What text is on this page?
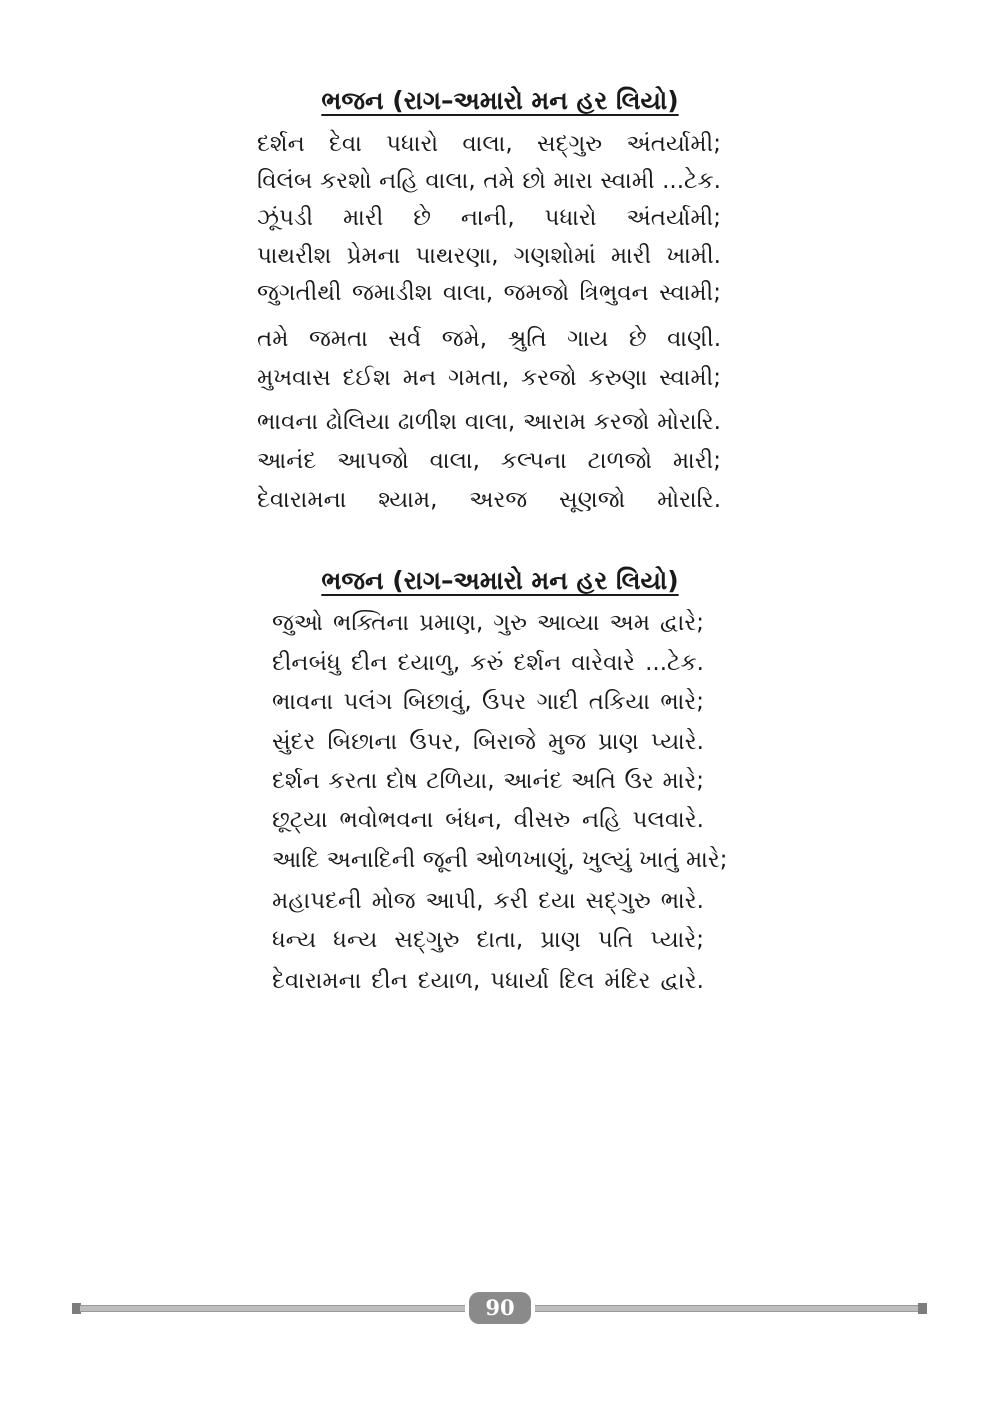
ભજન (રાગ–અમારો મન હર લિયો)
દર્શન દેવા પધારો વાલા, સદ્‌ગુરુ અંતર્યામી;
વિલંબ કરશો નહિ વાલા, તમે છો મારા સ્વામી ...ટેક.
ઝૂંપડી મારી છે નાની, પધારો અંતર્યામી;
પાથરીશ પ્રેમના પાથરણા, ગણશોમાં મારી ખામી.
જુગતીથી જમાડીશ વાલા, જમજો ત્રિભુવન સ્વામી;
તમે જમતા સર્વ જમે, શ્રુતિ ગાય છે વાણી.
મુખવાસ દઈશ મન ગમતા, કરજો કરુણા સ્વામી;
ભાવના ઢોલિયા ઢાળીશ વાલા, આરામ કરજો મોરારિ.
આનંદ આપજો વાલા, કલ્પના ટાળજો મારી;
દેવારામના શ્યામ, અરજ સૂણજો મોરારિ.
ભજન (રાગ–અમારો મન હર લિયો)
જુઓ ભક્તિના પ્રમાણ, ગુરુ આવ્યા અમ દ્વારે;
દીનબંધુ દીન દયાળુ, કરું દર્શન વારેવારે ...ટેક.
ભાવના પલંગ બિછાવું, ઉપર ગાદી તકિયા ભારે;
સુંદર બિછાના ઉપર, બિરાજે મુજ પ્રાણ પ્યારે.
દર્શન કરતા દોષ ટળિયા, આનંદ અતિ ઉર મારે;
છૂટ્યા ભવોભવના બંધન, વીસરુ નહિ પલવારે.
આદિ અનાદિની જૂની ઓળખાણું, ખુલ્યું ખાતું મારે;
મહાપદની મોજ આપી, કરી દયા સદ્‌ગુરુ ભારે.
ધન્ય ધન્ય સદ્‌ગુરુ દાતા, પ્રાણ પતિ પ્યારે;
દેવારામના દીન દયાળ, પધાર્યા દિલ મંદિર દ્વારે.
90
